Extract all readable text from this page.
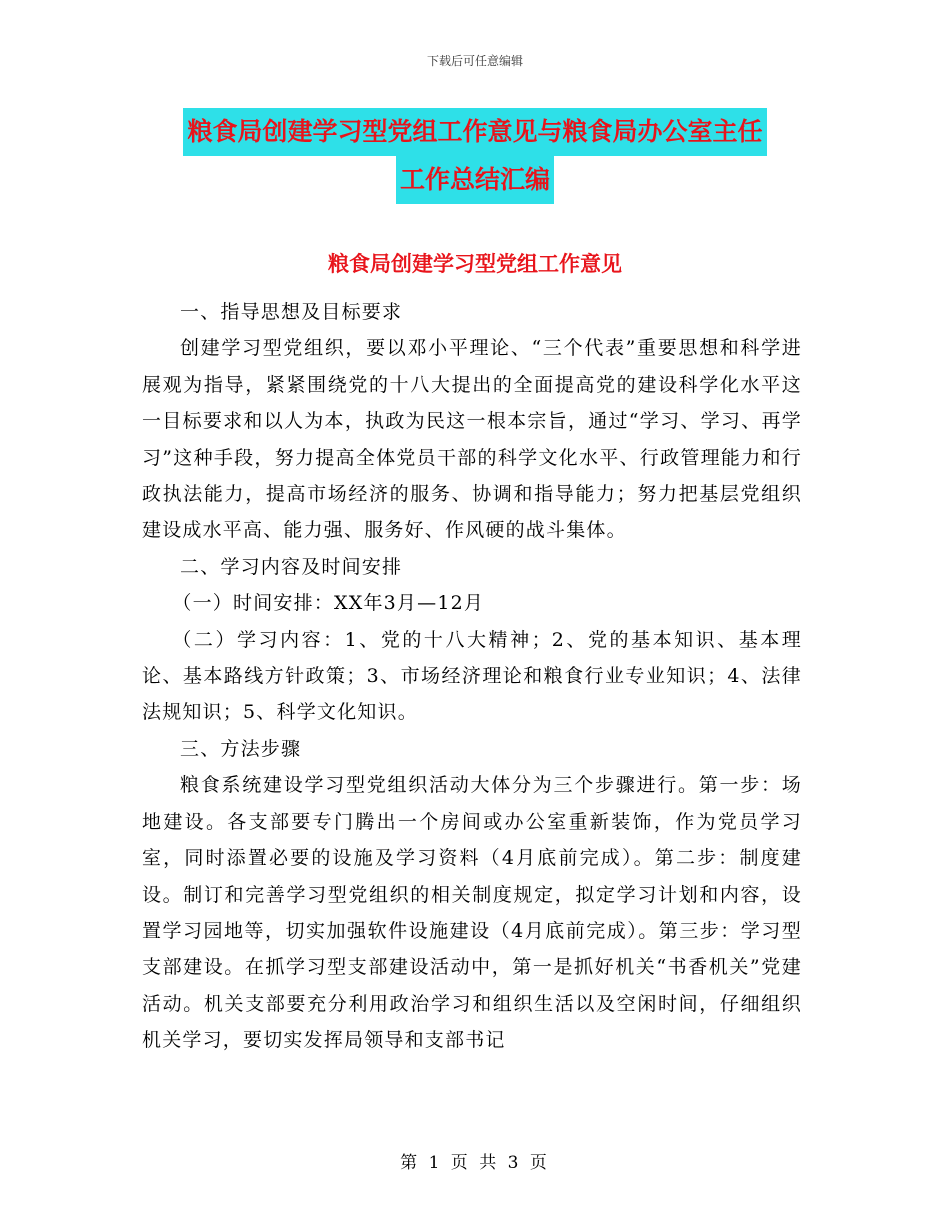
下载后可任意编辑
粮食局创建学习型党组工作意见与粮食局办公室主任
工作总结汇编
粮食局创建学习型党组工作意见

一、指导思想及目标要求

创建学习型党组织，要以邓小平理论、“三个代表”重要思想和科学进展观为指导，紧紧围绕党的十八大提出的全面提高党的建设科学化水平这一目标要求和以人为本，执政为民这一根本宗旨，通过“学习、学习、再学习”这种手段，努力提高全体党员干部的科学文化水平、行政管理能力和行政执法能力，提高市场经济的服务、协调和指导能力；努力把基层党组织建设成水平高、能力强、服务好、作风硬的战斗集体。

二、学习内容及时间安排

（一）时间安排：XX年3月—12月

（二）学习内容：1、党的十八大精神；2、党的基本知识、基本理论、基本路线方针政策；3、市场经济理论和粮食行业专业知识；4、法律法规知识；5、科学文化知识。

三、方法步骤

粮食系统建设学习型党组织活动大体分为三个步骤进行。第一步：场地建设。各支部要专门腾出一个房间或办公室重新装饰，作为党员学习室，同时添置必要的设施及学习资料（4月底前完成）。第二步：制度建设。制订和完善学习型党组织的相关制度规定，拟定学习计划和内容，设置学习园地等，切实加强软件设施建设（4月底前完成）。第三步：学习型支部建设。在抓学习型支部建设活动中，第一是抓好机关“书香机关”党建活动。机关支部要充分利用政治学习和组织生活以及空闲时间，仔细组织机关学习，要切实发挥局领导和支部书记

第 1 页 共 3 页
